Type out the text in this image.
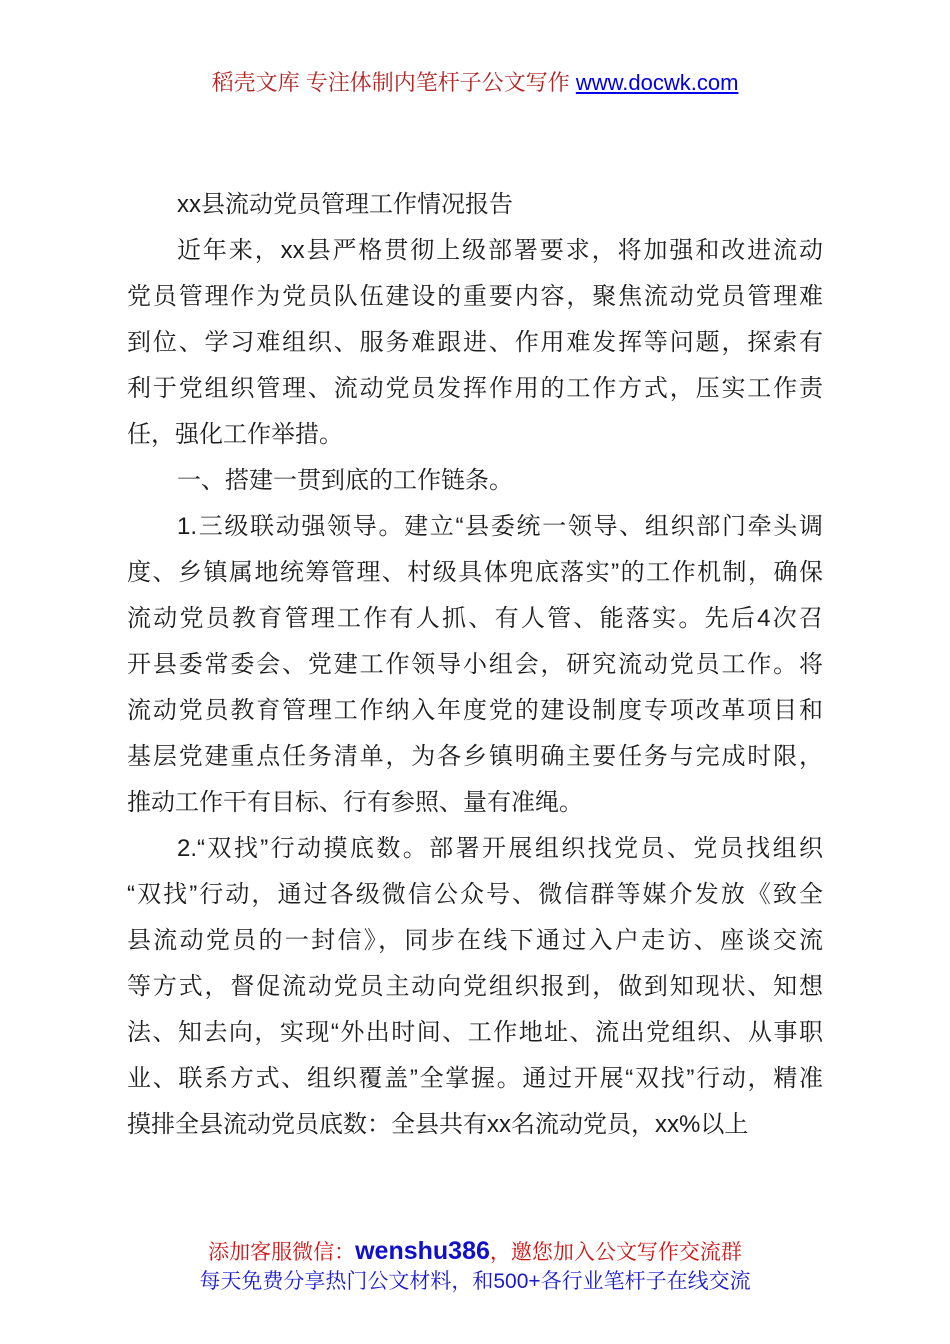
稻壳文库 专注体制内笔杆子公文写作 www.docwk.com
xx县流动党员管理工作情况报告
近年来，xx县严格贯彻上级部署要求，将加强和改进流动
党员管理作为党员队伍建设的重要内容，聚焦流动党员管理难
到位、学习难组织、服务难跟进、作用难发挥等问题，探索有
利于党组织管理、流动党员发挥作用的工作方式，压实工作责
任，强化工作举措。
一、搭建一贯到底的工作链条。
1.三级联动强领导。建立“县委统一领导、组织部门牵头调
度、乡镇属地统筹管理、村级具体兜底落实”的工作机制，确保
流动党员教育管理工作有人抓、有人管、能落实。先后4次召
开县委常委会、党建工作领导小组会，研究流动党员工作。将
流动党员教育管理工作纳入年度党的建设制度专项改革项目和
基层党建重点任务清单，为各乡镇明确主要任务与完成时限，
推动工作干有目标、行有参照、量有准绳。
2.“双找”行动摸底数。部署开展组织找党员、党员找组织
“双找”行动，通过各级微信公众号、微信群等媒介发放《致全
县流动党员的一封信》，同步在线下通过入户走访、座谈交流
等方式，督促流动党员主动向党组织报到，做到知现状、知想
法、知去向，实现“外出时间、工作地址、流出党组织、从事职
业、联系方式、组织覆盖”全掌握。通过开展“双找”行动，精准
摸排全县流动党员底数：全县共有xx名流动党员，xx%以上
添加客服微信：wenshu386，邀您加入公文写作交流群
每天免费分享热门公文材料，和500+各行业笔杆子在线交流
